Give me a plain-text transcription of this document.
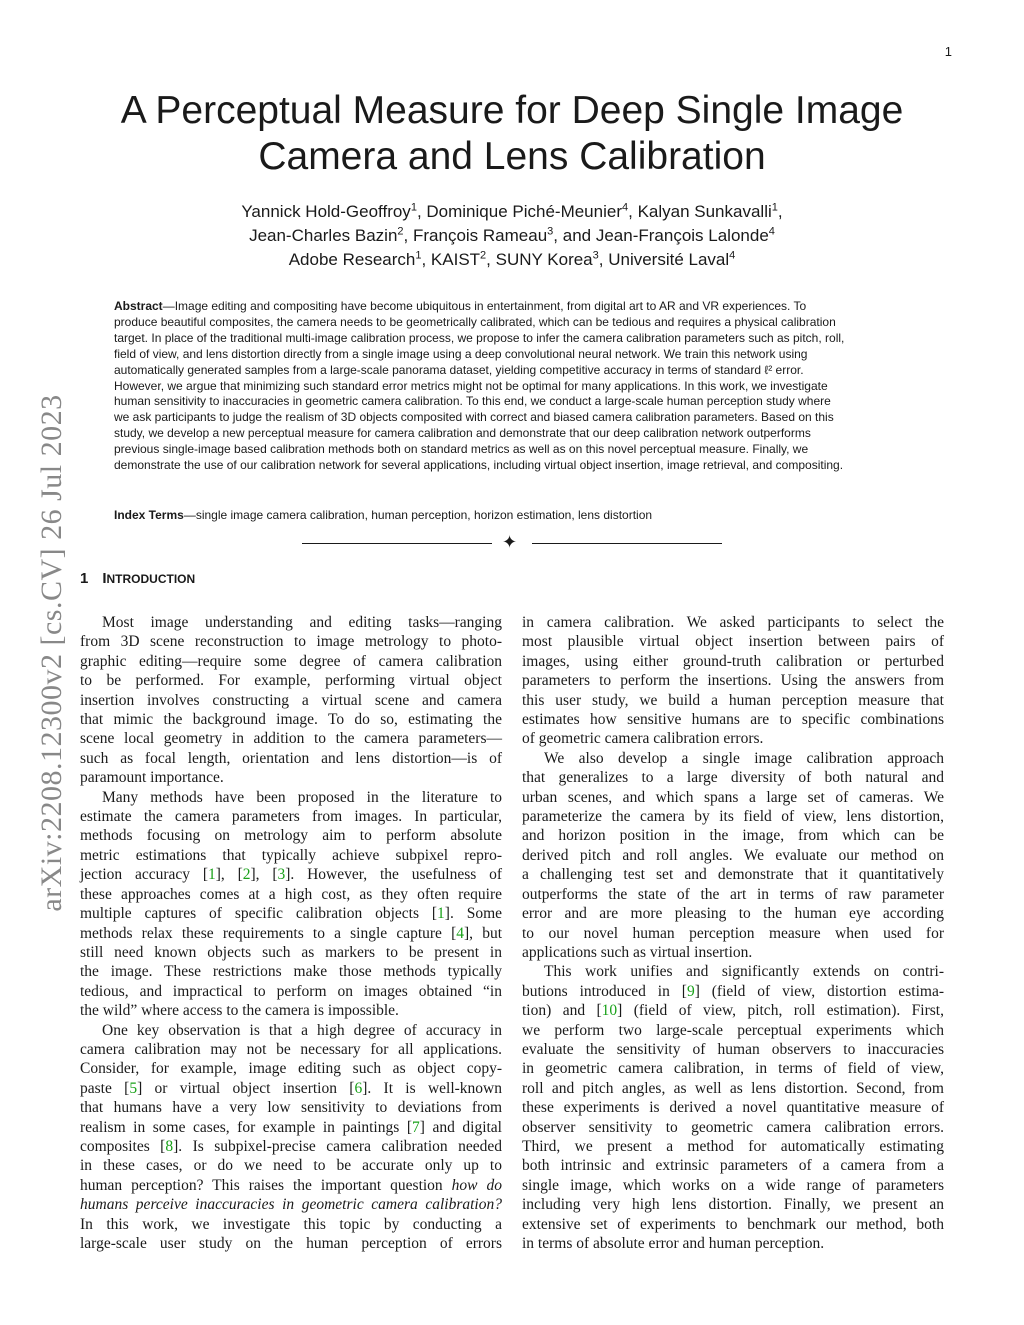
1
arXiv:2208.12300v2 [cs.CV] 26 Jul 2023
A Perceptual Measure for Deep Single Image
Camera and Lens Calibration
Yannick Hold-Geoffroy$^1$, Dominique Piché-Meunier$^4$, Kalyan Sunkavalli$^1$,
Jean-Charles Bazin$^2$, François Rameau$^3$, and Jean-François Lalonde$^4$
Adobe Research$^1$, KAIST$^2$, SUNY Korea$^3$, Université Laval$^4$
Abstract—Image editing and compositing have become ubiquitous in entertainment, from digital art to AR and VR experiences. To
produce beautiful composites, the camera needs to be geometrically calibrated, which can be tedious and requires a physical calibration
target. In place of the traditional multi-image calibration process, we propose to infer the camera calibration parameters such as pitch, roll,
field of view, and lens distortion directly from a single image using a deep convolutional neural network. We train this network using
automatically generated samples from a large-scale panorama dataset, yielding competitive accuracy in terms of standard ℓ² error.
However, we argue that minimizing such standard error metrics might not be optimal for many applications. In this work, we investigate
human sensitivity to inaccuracies in geometric camera calibration. To this end, we conduct a large-scale human perception study where
we ask participants to judge the realism of 3D objects composited with correct and biased camera calibration parameters. Based on this
study, we develop a new perceptual measure for camera calibration and demonstrate that our deep calibration network outperforms
previous single-image based calibration methods both on standard metrics as well as on this novel perceptual measure. Finally, we
demonstrate the use of our calibration network for several applications, including virtual object insertion, image retrieval, and compositing.
Index Terms—single image camera calibration, human perception, horizon estimation, lens distortion
✦
1 INTRODUCTION
Most image understanding and editing tasks—ranging
from 3D scene reconstruction to image metrology to photo-
graphic editing—require some degree of camera calibration
to be performed. For example, performing virtual object
insertion involves constructing a virtual scene and camera
that mimic the background image. To do so, estimating the
scene local geometry in addition to the camera parameters—
such as focal length, orientation and lens distortion—is of
paramount importance.
Many methods have been proposed in the literature to
estimate the camera parameters from images. In particular,
methods focusing on metrology aim to perform absolute
metric estimations that typically achieve subpixel repro-
jection accuracy [1], [2], [3]. However, the usefulness of
these approaches comes at a high cost, as they often require
multiple captures of specific calibration objects [1]. Some
methods relax these requirements to a single capture [4], but
still need known objects such as markers to be present in
the image. These restrictions make those methods typically
tedious, and impractical to perform on images obtained “in
the wild” where access to the camera is impossible.
One key observation is that a high degree of accuracy in
camera calibration may not be necessary for all applications.
Consider, for example, image editing such as object copy-
paste [5] or virtual object insertion [6]. It is well-known
that humans have a very low sensitivity to deviations from
realism in some cases, for example in paintings [7] and digital
composites [8]. Is subpixel-precise camera calibration needed
in these cases, or do we need to be accurate only up to
human perception? This raises the important question how do
humans perceive inaccuracies in geometric camera calibration?
In this work, we investigate this topic by conducting a
large-scale user study on the human perception of errors
in camera calibration. We asked participants to select the
most plausible virtual object insertion between pairs of
images, using either ground-truth calibration or perturbed
parameters to perform the insertions. Using the answers from
this user study, we build a human perception measure that
estimates how sensitive humans are to specific combinations
of geometric camera calibration errors.
We also develop a single image calibration approach
that generalizes to a large diversity of both natural and
urban scenes, and which spans a large set of cameras. We
parameterize the camera by its field of view, lens distortion,
and horizon position in the image, from which can be
derived pitch and roll angles. We evaluate our method on
a challenging test set and demonstrate that it quantitatively
outperforms the state of the art in terms of raw parameter
error and are more pleasing to the human eye according
to our novel human perception measure when used for
applications such as virtual insertion.
This work unifies and significantly extends on contri-
butions introduced in [9] (field of view, distortion estima-
tion) and [10] (field of view, pitch, roll estimation). First,
we perform two large-scale perceptual experiments which
evaluate the sensitivity of human observers to inaccuracies
in geometric camera calibration, in terms of field of view,
roll and pitch angles, as well as lens distortion. Second, from
these experiments is derived a novel quantitative measure of
observer sensitivity to geometric camera calibration errors.
Third, we present a method for automatically estimating
both intrinsic and extrinsic parameters of a camera from a
single image, which works on a wide range of parameters
including very high lens distortion. Finally, we present an
extensive set of experiments to benchmark our method, both
in terms of absolute error and human perception.
